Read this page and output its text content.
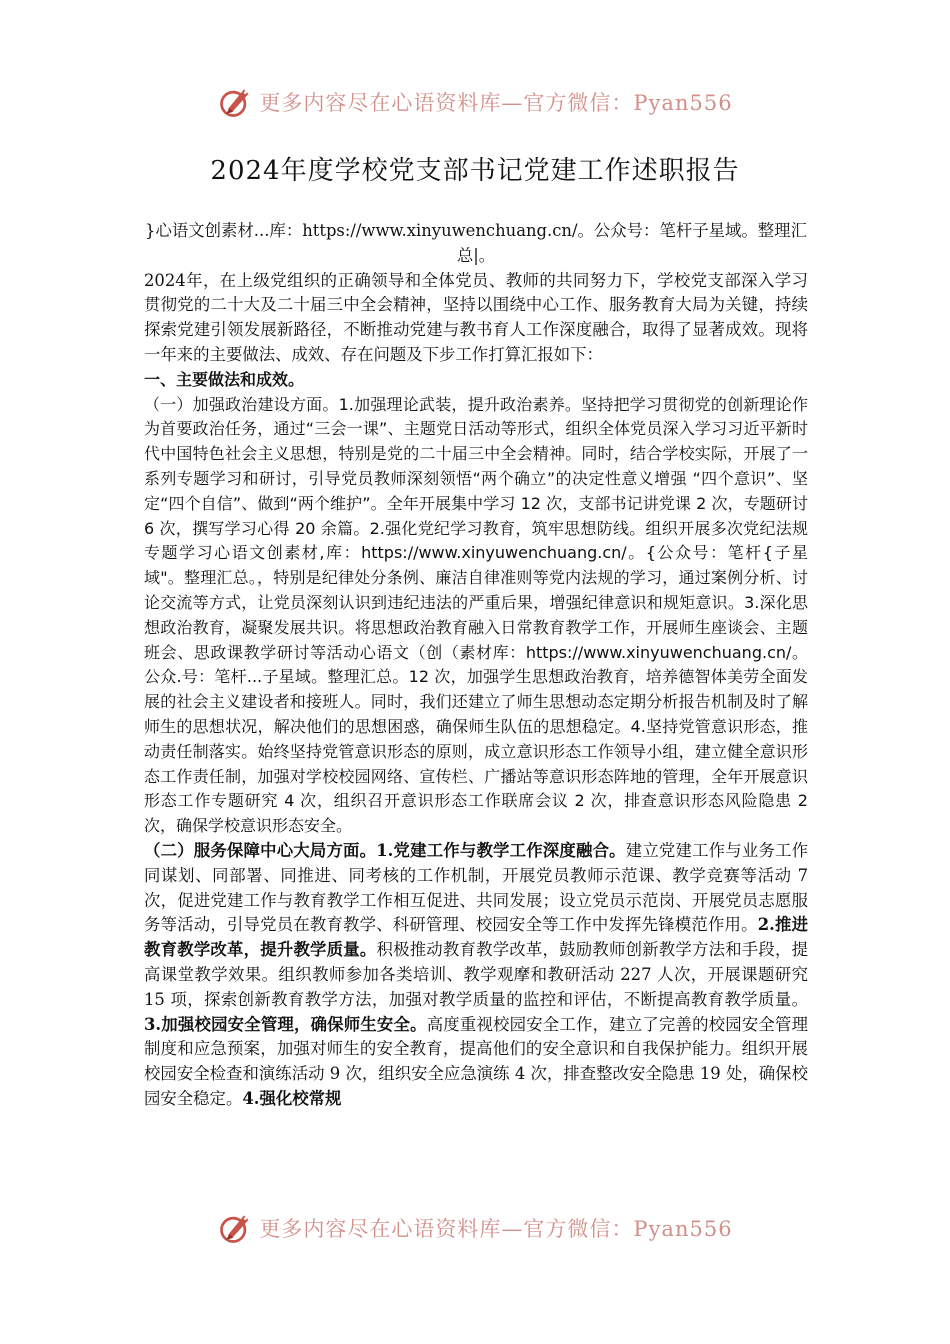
更多内容尽在心语资料库—官方微信：Pyan556
2024年度学校党支部书记党建工作述职报告

}心语文创素材...库：https://www.xinyuwenchuang.cn/。公众号：笔杆子星域。整理汇总|。

2024年，在上级党组织的正确领导和全体党员、教师的共同努力下，学校党支部深入学习贯彻党的二十大及二十届三中全会精神，坚持以围绕中心工作、服务教育大局为关键，持续探索党建引领发展新路径，不断推动党建与教书育人工作深度融合，取得了显著成效。现将一年来的主要做法、成效、存在问题及下步工作打算汇报如下：

一、主要做法和成效。

（一）加强政治建设方面。1.加强理论武装，提升政治素养。坚持把学习贯彻党的创新理论作为首要政治任务，通过“三会一课”、主题党日活动等形式，组织全体党员深入学习习近平新时代中国特色社会主义思想，特别是党的二十届三中全会精神。同时，结合学校实际，开展了一系列专题学习和研讨，引导党员教师深刻领悟“两个确立”的决定性意义增强 “四个意识”、坚定“四个自信”、做到“两个维护”。全年开展集中学习 12 次，支部书记讲党课 2 次，专题研讨 6 次，撰写学习心得 20 余篇。2.强化党纪学习教育，筑牢思想防线。组织开展多次党纪法规专题学习心语文创素材,库：https://www.xinyuwenchuang.cn/。{公众号：笔杆{子星域"。整理汇总。，特别是纪律处分条例、廉洁自律准则等党内法规的学习，通过案例分析、讨论交流等方式，让党员深刻认识到违纪违法的严重后果，增强纪律意识和规矩意识。3.深化思想政治教育，凝聚发展共识。将思想政治教育融入日常教育教学工作，开展师生座谈会、主题班会、思政课教学研讨等活动心语文（创（素材库：https://www.xinyuwenchuang.cn/。公众.号：笔杆...子星域。整理汇总。12 次，加强学生思想政治教育，培养德智体美劳全面发展的社会主义建设者和接班人。同时，我们还建立了师生思想动态定期分析报告机制及时了解师生的思想状况，解决他们的思想困惑，确保师生队伍的思想稳定。4.坚持党管意识形态，推动责任制落实。始终坚持党管意识形态的原则，成立意识形态工作领导小组，建立健全意识形态工作责任制，加强对学校校园网络、宣传栏、广播站等意识形态阵地的管理，全年开展意识形态工作专题研究 4 次，组织召开意识形态工作联席会议 2 次，排查意识形态风险隐患 2 次，确保学校意识形态安全。

（二）服务保障中心大局方面。1.党建工作与教学工作深度融合。建立党建工作与业务工作同谋划、同部署、同推进、同考核的工作机制，开展党员教师示范课、教学竞赛等活动 7 次，促进党建工作与教育教学工作相互促进、共同发展；设立党员示范岗、开展党员志愿服务等活动，引导党员在教育教学、科研管理、校园安全等工作中发挥先锋模范作用。2.推进教育教学改革，提升教学质量。积极推动教育教学改革，鼓励教师创新教学方法和手段，提高课堂教学效果。组织教师参加各类培训、教学观摩和教研活动 227 人次，开展课题研究 15 项，探索创新教育教学方法，加强对教学质量的监控和评估，不断提高教育教学质量。3.加强校园安全管理，确保师生安全。高度重视校园安全工作，建立了完善的校园安全管理制度和应急预案，加强对师生的安全教育，提高他们的安全意识和自我保护能力。组织开展校园安全检查和演练活动 9 次，组织安全应急演练 4 次，排查整改安全隐患 19 处，确保校园安全稳定。4.强化校常规

更多内容尽在心语资料库—官方微信：Pyan556
